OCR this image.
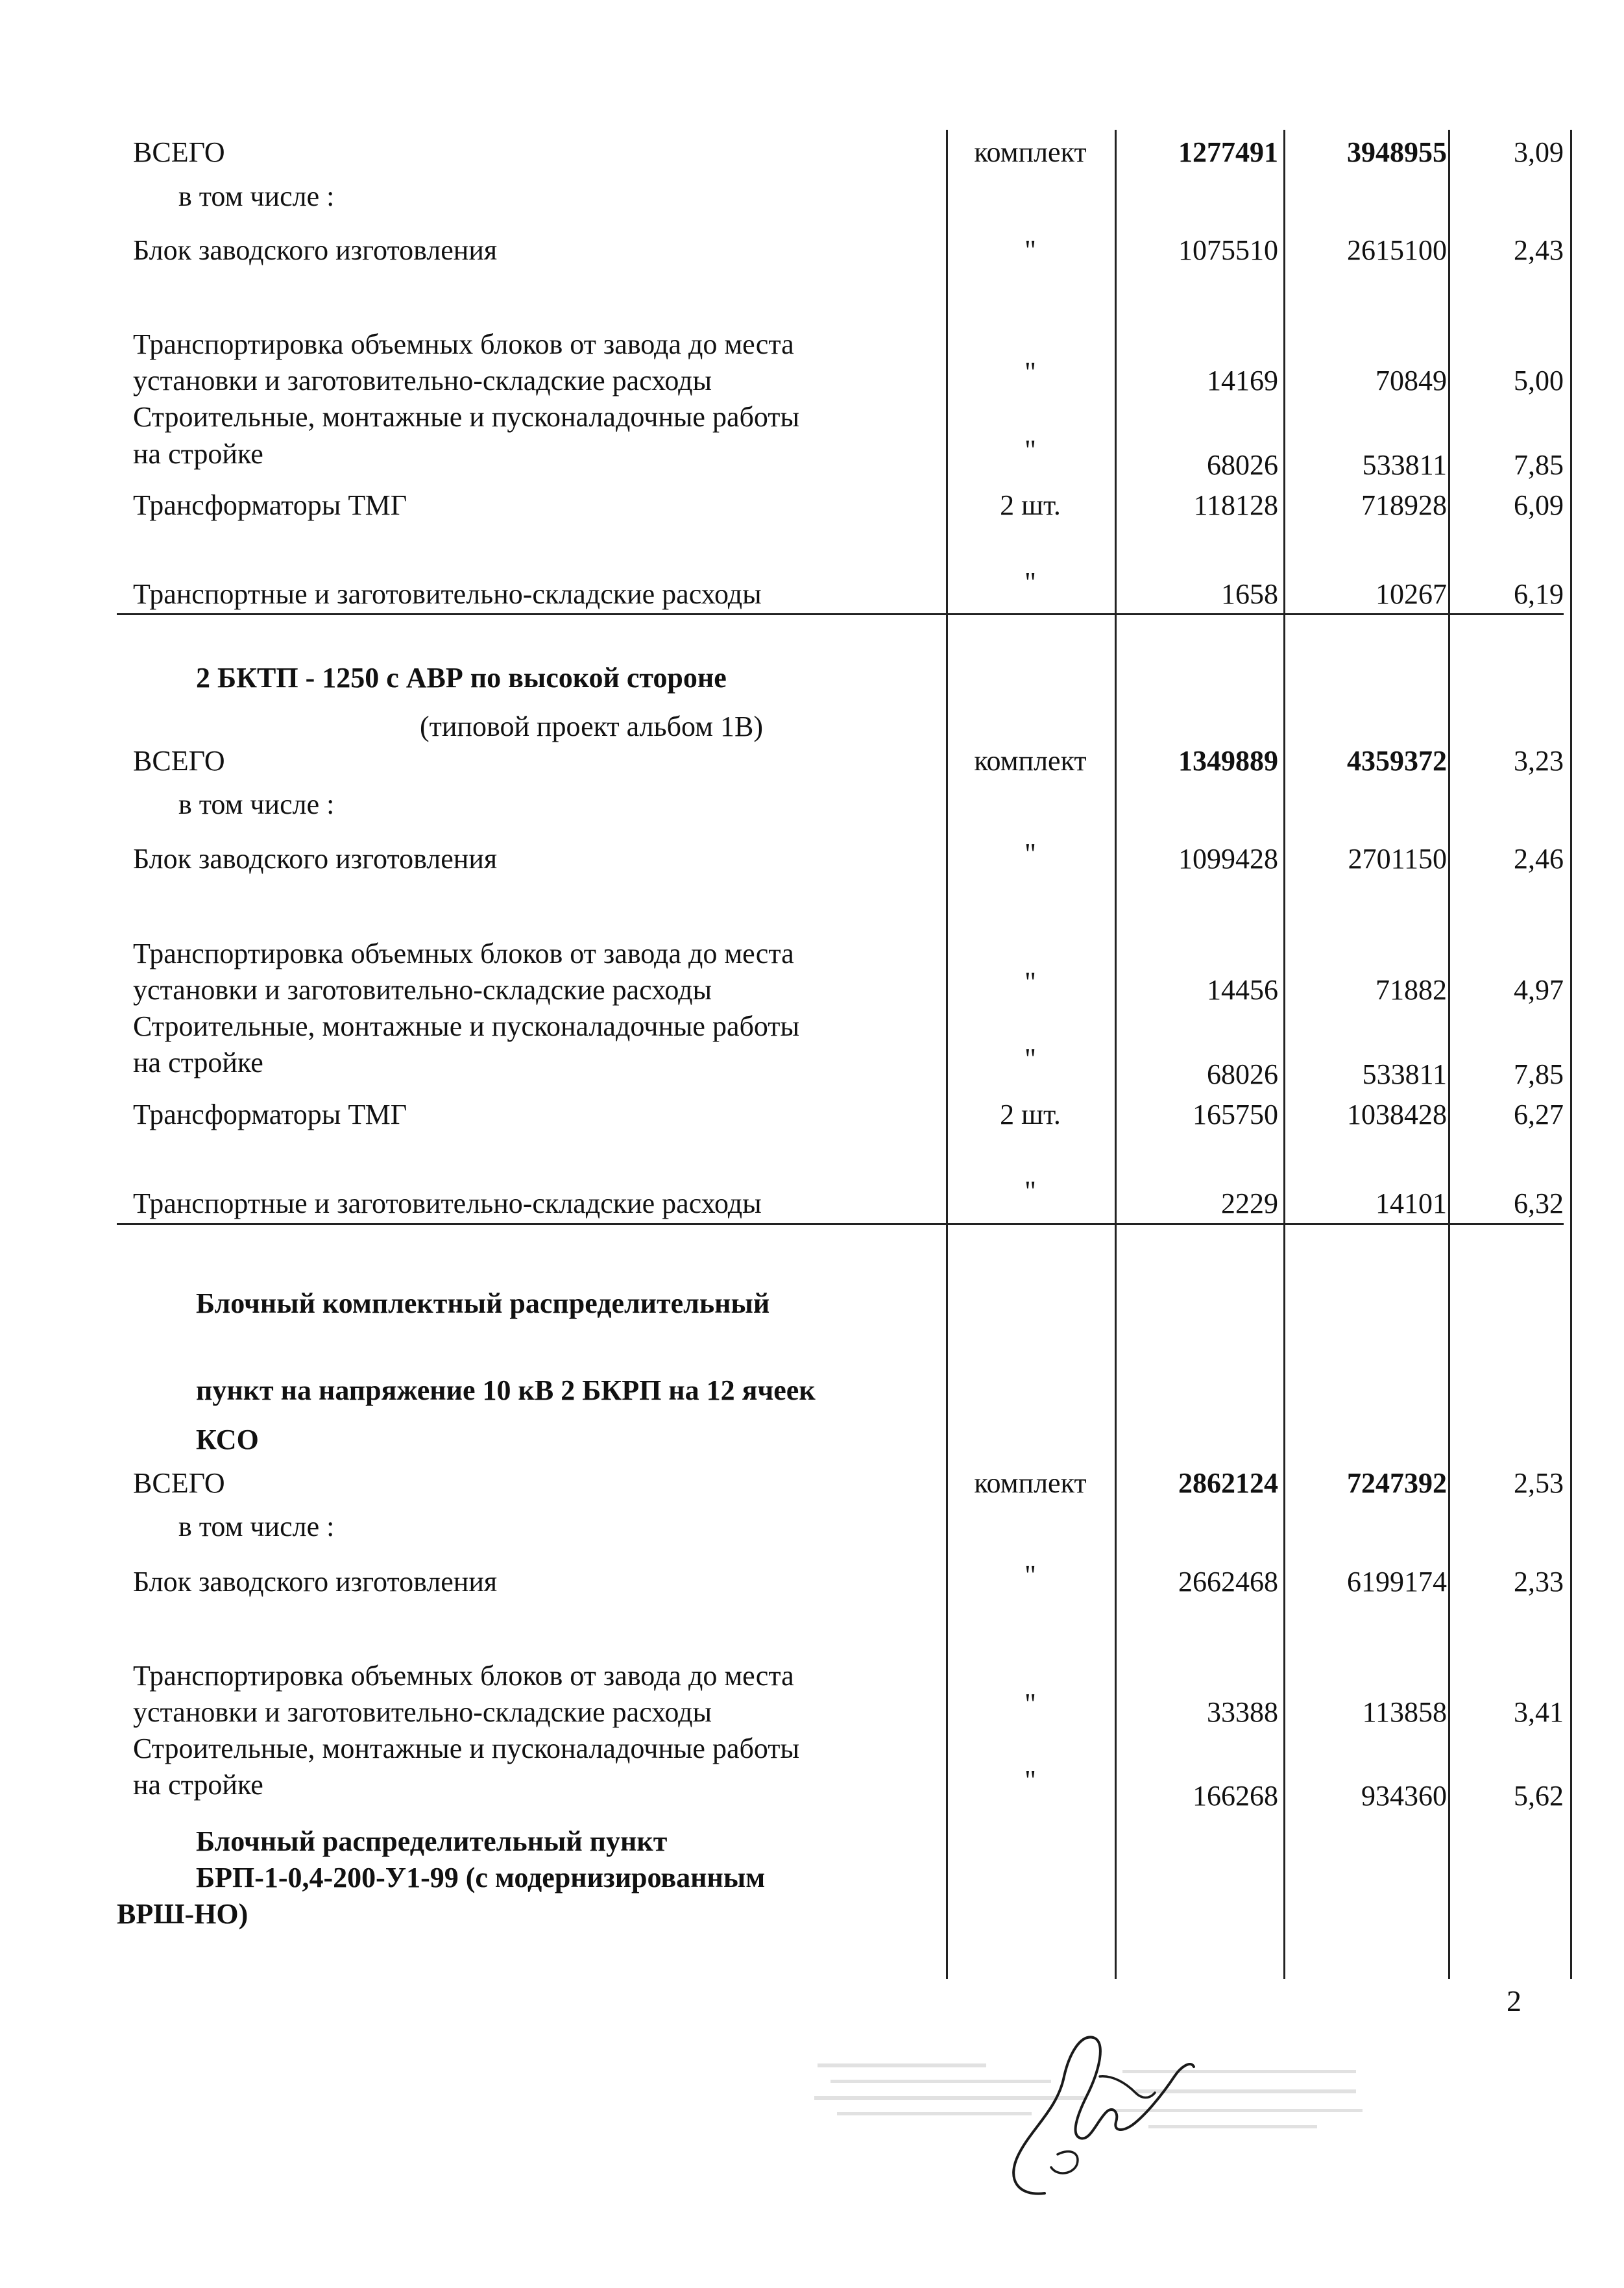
ВСЕГО	комплект	1277491	3948955	3,09
в том числе :
Блок заводского изготовления	"	1075510	2615100	2,43
Транспортировка объемных блоков от завода до места
установки и заготовительно-складские расходы	"	14169	70849	5,00
Строительные, монтажные и пусконаладочные работы
на стройке	"	68026	533811	7,85
Трансформаторы ТМГ	2 шт.	118128	718928	6,09
Транспортные и заготовительно-складские расходы	"	1658	10267	6,19
2 БКТП - 1250 с АВР по высокой стороне
(типовой проект альбом 1В)
ВСЕГО	комплект	1349889	4359372	3,23
в том числе :
Блок заводского изготовления	"	1099428	2701150	2,46
Транспортировка объемных блоков от завода до места
установки и заготовительно-складские расходы	"	14456	71882	4,97
Строительные, монтажные и пусконаладочные работы
на стройке	"	68026	533811	7,85
Трансформаторы ТМГ	2 шт.	165750	1038428	6,27
Транспортные и заготовительно-складские расходы	"	2229	14101	6,32
Блочный комплектный распределительный
пункт на напряжение 10 кВ 2 БКРП на 12 ячеек
КСО
ВСЕГО	комплект	2862124	7247392	2,53
в том числе :
Блок заводского изготовления	"	2662468	6199174	2,33
Транспортировка объемных блоков от завода до места
установки и заготовительно-складские расходы	"	33388	113858	3,41
Строительные, монтажные и пусконаладочные работы
на стройке	"	166268	934360	5,62
Блочный распределительный пункт
БРП-1-0,4-200-У1-99 (с модернизированным
ВРШ-НО)
2
